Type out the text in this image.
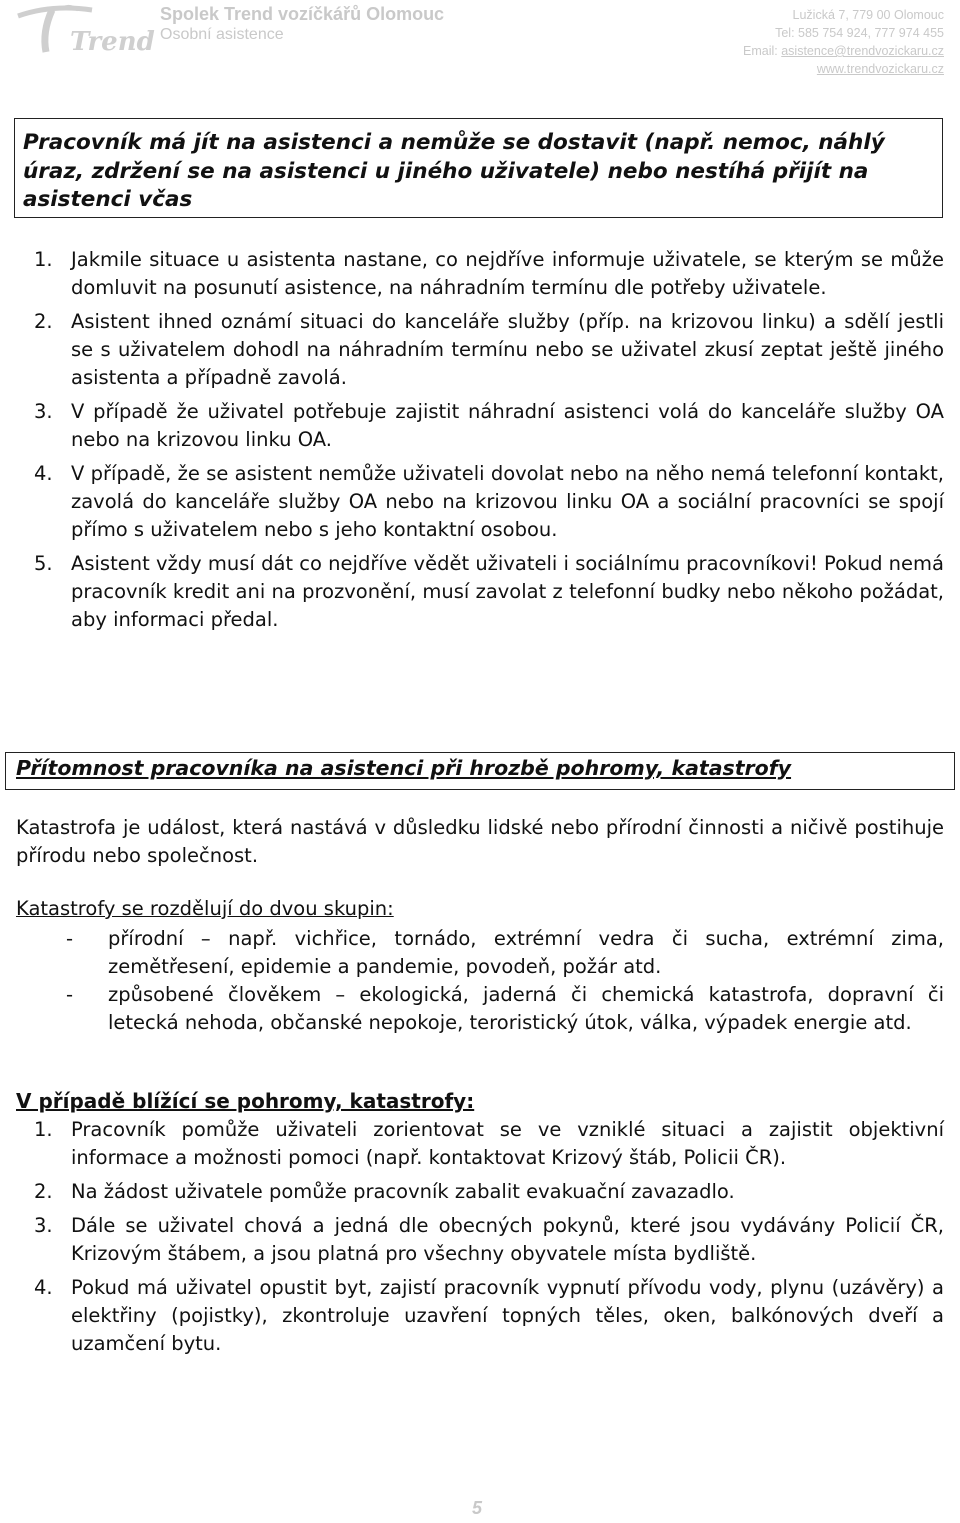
Trend
Spolek Trend vozíčkářů Olomouc
Osobní asistence
Lužická 7, 779 00 Olomouc
Tel: 585 754 924, 777 974 455
Email: asistence@trendvozickaru.cz
www.trendvozickaru.cz
Pracovník má jít na asistenci a nemůže se dostavit (např. nemoc, náhlý úraz, zdržení se na asistenci u jiného uživatele) nebo nestíhá přijít na asistenci včas
1. Jakmile situace u asistenta nastane, co nejdříve informuje uživatele, se kterým se může domluvit na posunutí asistence, na náhradním termínu dle potřeby uživatele.
2. Asistent ihned oznámí situaci do kanceláře služby (příp. na krizovou linku) a sdělí jestli se s uživatelem dohodl na náhradním termínu nebo se uživatel zkusí zeptat ještě jiného asistenta a případně zavolá.
3. V případě že uživatel potřebuje zajistit náhradní asistenci volá do kanceláře služby OA nebo na krizovou linku OA.
4. V případě, že se asistent nemůže uživateli dovolat nebo na něho nemá telefonní kontakt, zavolá do kanceláře služby OA nebo na krizovou linku OA a sociální pracovníci se spojí přímo s uživatelem nebo s jeho kontaktní osobou.
5. Asistent vždy musí dát co nejdříve vědět uživateli i sociálnímu pracovníkovi! Pokud nemá pracovník kredit ani na prozvonění, musí zavolat z telefonní budky nebo někoho požádat, aby informaci předal.
Přítomnost pracovníka na asistenci při hrozbě pohromy, katastrofy
Katastrofa je událost, která nastává v důsledku lidské nebo přírodní činnosti a ničivě postihuje přírodu nebo společnost.
Katastrofy se rozdělují do dvou skupin:
- přírodní – např. vichřice, tornádo, extrémní vedra či sucha, extrémní zima, zemětřesení, epidemie a pandemie, povodeň, požár atd.
- způsobené člověkem – ekologická, jaderná či chemická katastrofa, dopravní či letecká nehoda, občanské nepokoje, teroristický útok, válka, výpadek energie atd.
V případě blížící se pohromy, katastrofy:
1. Pracovník pomůže uživateli zorientovat se ve vzniklé situaci a zajistit objektivní informace a možnosti pomoci (např. kontaktovat Krizový štáb, Policii ČR).
2. Na žádost uživatele pomůže pracovník zabalit evakuační zavazadlo.
3. Dále se uživatel chová a jedná dle obecných pokynů, které jsou vydávány Policií ČR, Krizovým štábem, a jsou platná pro všechny obyvatele místa bydliště.
4. Pokud má uživatel opustit byt, zajistí pracovník vypnutí přívodu vody, plynu (uzávěry) a elektřiny (pojistky), zkontroluje uzavření topných těles, oken, balkónových dveří a uzamčení bytu.
5
